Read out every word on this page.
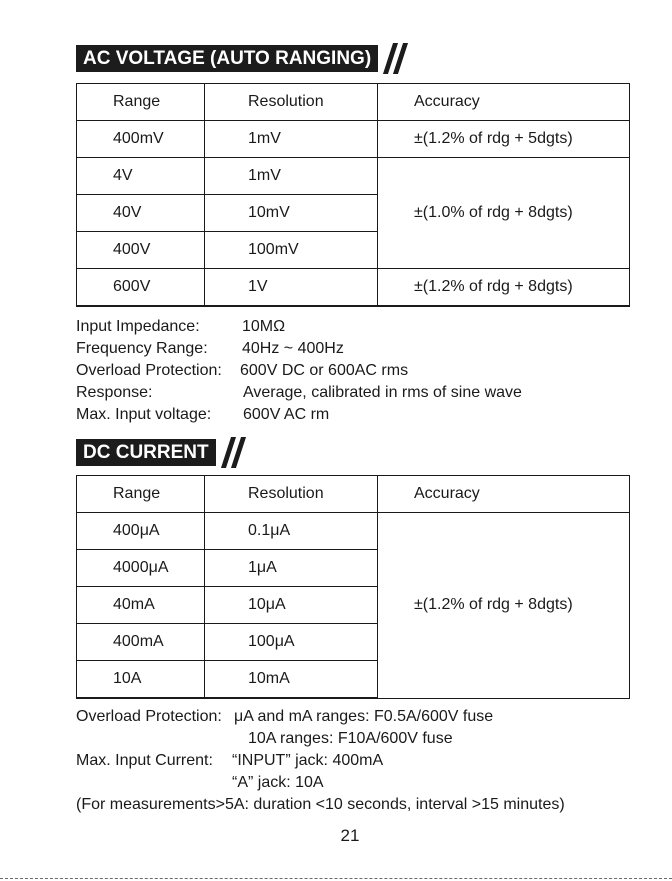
AC VOLTAGE (AUTO RANGING)
Range	Resolution	Accuracy
400mV	1mV	±(1.2% of rdg + 5dgts)
4V	1mV	±(1.0% of rdg + 8dgts)
40V	10mV	
400V	100mV	
600V	1V	±(1.2% of rdg + 8dgts)
Input Impedance:	10MΩ
Frequency Range: 40Hz ~ 400Hz
Overload Protection: 600V DC or 600AC rms
Response:	Average, calibrated in rms of sine wave
Max. Input voltage: 600V AC rm
DC CURRENT
Range	Resolution	Accuracy
400μA	0.1μA	±(1.2% of rdg + 8dgts)
4000μA	1μA	
40mA	10μA	
400mA	100μA	
10A	10mA	
Overload Protection: μA and mA ranges: F0.5A/600V fuse
10A ranges: F10A/600V fuse
Max. Input Current: “INPUT” jack: 400mA
“A” jack: 10A
(For measurements>5A: duration <10 seconds, interval >15 minutes)
21
